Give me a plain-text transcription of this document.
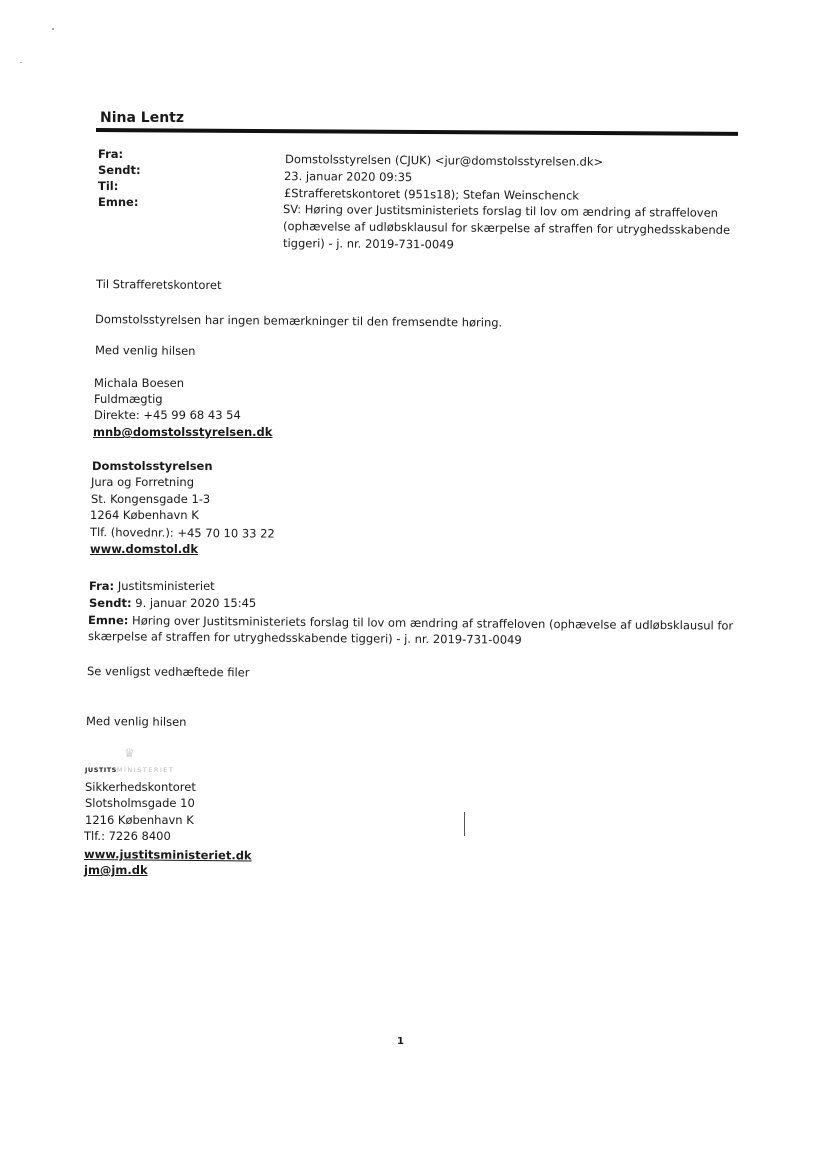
Nina Lentz
Fra:
Sendt:
Til:
Emne:
Domstolsstyrelsen (CJUK) <jur@domstolsstyrelsen.dk>
23. januar 2020 09:35
£Strafferetskontoret (951s18); Stefan Weinschenck
SV: Høring over Justitsministeriets forslag til lov om ændring af straffeloven
(ophævelse af udløbsklausul for skærpelse af straffen for utryghedsskabende
tiggeri) - j. nr. 2019-731-0049
Til Strafferetskontoret
Domstolsstyrelsen har ingen bemærkninger til den fremsendte høring.
Med venlig hilsen
Michala Boesen
Fuldmægtig
Direkte: +45 99 68 43 54
mnb@domstolsstyrelsen.dk
Domstolsstyrelsen
Jura og Forretning
St. Kongensgade 1-3
1264 København K
Tlf. (hovednr.): +45 70 10 33 22
www.domstol.dk
Fra: Justitsministeriet
Sendt: 9. januar 2020 15:45
Emne: Høring over Justitsministeriets forslag til lov om ændring af straffeloven (ophævelse af udløbsklausul for
skærpelse af straffen for utryghedsskabende tiggeri) - j. nr. 2019-731-0049
Se venligst vedhæftede filer
Med venlig hilsen
♛
JUSTITSMINISTERIET
Sikkerhedskontoret
Slotsholmsgade 10
1216 København K
Tlf.: 7226 8400
www.justitsministeriet.dk
jm@jm.dk
1
